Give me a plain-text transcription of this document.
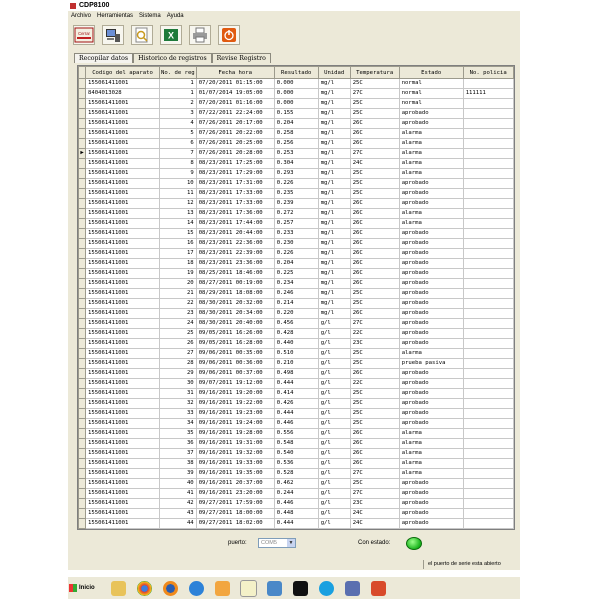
CDP8100
Archivo Herramientas Sistema Ayuda
Cerrar	X
Recopilar datos	Historico de registros	Revise Registro
	Codigo del aparato	No. de reg	Fecha hora	Resultado	Unidad	Temperatura	Estado	No. policia
	155061411001	1	07/20/2011 01:15:00	0.000	mg/l	25C	normal	
	8404013028	1	01/07/2014 19:05:00	0.000	mg/l	27C	normal	111111
	155061411001	2	07/20/2011 01:16:00	0.000	mg/l	25C	normal	
	155061411001	3	07/22/2011 22:24:00	0.155	mg/l	25C	aprobado	
	155061411001	4	07/26/2011 20:17:00	0.204	mg/l	26C	aprobado	
	155061411001	5	07/26/2011 20:22:00	0.258	mg/l	26C	alarma	
	155061411001	6	07/26/2011 20:25:00	0.256	mg/l	26C	alarma	
▶	155061411001	7	07/26/2011 20:28:00	0.253	mg/l	27C	alarma	
	155061411001	8	08/23/2011 17:25:00	0.304	mg/l	24C	alarma	
	155061411001	9	08/23/2011 17:29:00	0.293	mg/l	25C	alarma	
	155061411001	10	08/23/2011 17:31:00	0.226	mg/l	25C	aprobado	
	155061411001	11	08/23/2011 17:33:00	0.235	mg/l	25C	aprobado	
	155061411001	12	08/23/2011 17:33:00	0.239	mg/l	26C	aprobado	
	155061411001	13	08/23/2011 17:36:00	0.272	mg/l	26C	alarma	
	155061411001	14	08/23/2011 17:44:00	0.257	mg/l	26C	alarma	
	155061411001	15	08/23/2011 20:44:00	0.233	mg/l	26C	aprobado	
	155061411001	16	08/23/2011 22:36:00	0.230	mg/l	26C	aprobado	
	155061411001	17	08/23/2011 22:39:00	0.226	mg/l	26C	aprobado	
	155061411001	18	08/23/2011 23:36:00	0.204	mg/l	26C	aprobado	
	155061411001	19	08/25/2011 18:46:00	0.225	mg/l	26C	aprobado	
	155061411001	20	08/27/2011 00:19:00	0.234	mg/l	26C	aprobado	
	155061411001	21	08/29/2011 18:08:00	0.246	mg/l	25C	aprobado	
	155061411001	22	08/30/2011 20:32:00	0.214	mg/l	25C	aprobado	
	155061411001	23	08/30/2011 20:34:00	0.220	mg/l	26C	aprobado	
	155061411001	24	08/30/2011 20:40:00	0.456	g/l	27C	aprobado	
	155061411001	25	09/05/2011 16:26:00	0.428	g/l	22C	aprobado	
	155061411001	26	09/05/2011 16:28:00	0.440	g/l	23C	aprobado	
	155061411001	27	09/06/2011 00:35:00	0.510	g/l	25C	alarma	
	155061411001	28	09/06/2011 00:36:00	0.210	g/l	25C	prueba pasiva	
	155061411001	29	09/06/2011 00:37:00	0.498	g/l	26C	aprobado	
	155061411001	30	09/07/2011 19:12:00	0.444	g/l	22C	aprobado	
	155061411001	31	09/16/2011 19:20:00	0.414	g/l	25C	aprobado	
	155061411001	32	09/16/2011 19:22:00	0.426	g/l	25C	aprobado	
	155061411001	33	09/16/2011 19:23:00	0.444	g/l	25C	aprobado	
	155061411001	34	09/16/2011 19:24:00	0.446	g/l	25C	aprobado	
	155061411001	35	09/16/2011 19:28:00	0.556	g/l	26C	alarma	
	155061411001	36	09/16/2011 19:31:00	0.548	g/l	26C	alarma	
	155061411001	37	09/16/2011 19:32:00	0.540	g/l	26C	alarma	
	155061411001	38	09/16/2011 19:33:00	0.536	g/l	26C	alarma	
	155061411001	39	09/16/2011 19:35:00	0.528	g/l	27C	alarma	
	155061411001	40	09/16/2011 20:37:00	0.462	g/l	25C	aprobado	
	155061411001	41	09/16/2011 23:20:00	0.244	g/l	27C	aprobado	
	155061411001	42	09/27/2011 17:59:00	0.446	g/l	23C	aprobado	
	155061411001	43	09/27/2011 18:00:00	0.448	g/l	24C	aprobado	
	155061411001	44	09/27/2011 18:02:00	0.444	g/l	24C	aprobado	

puerto:	COM5	▼	Con estado:
el puerto de serie esta abierto
Inicio
